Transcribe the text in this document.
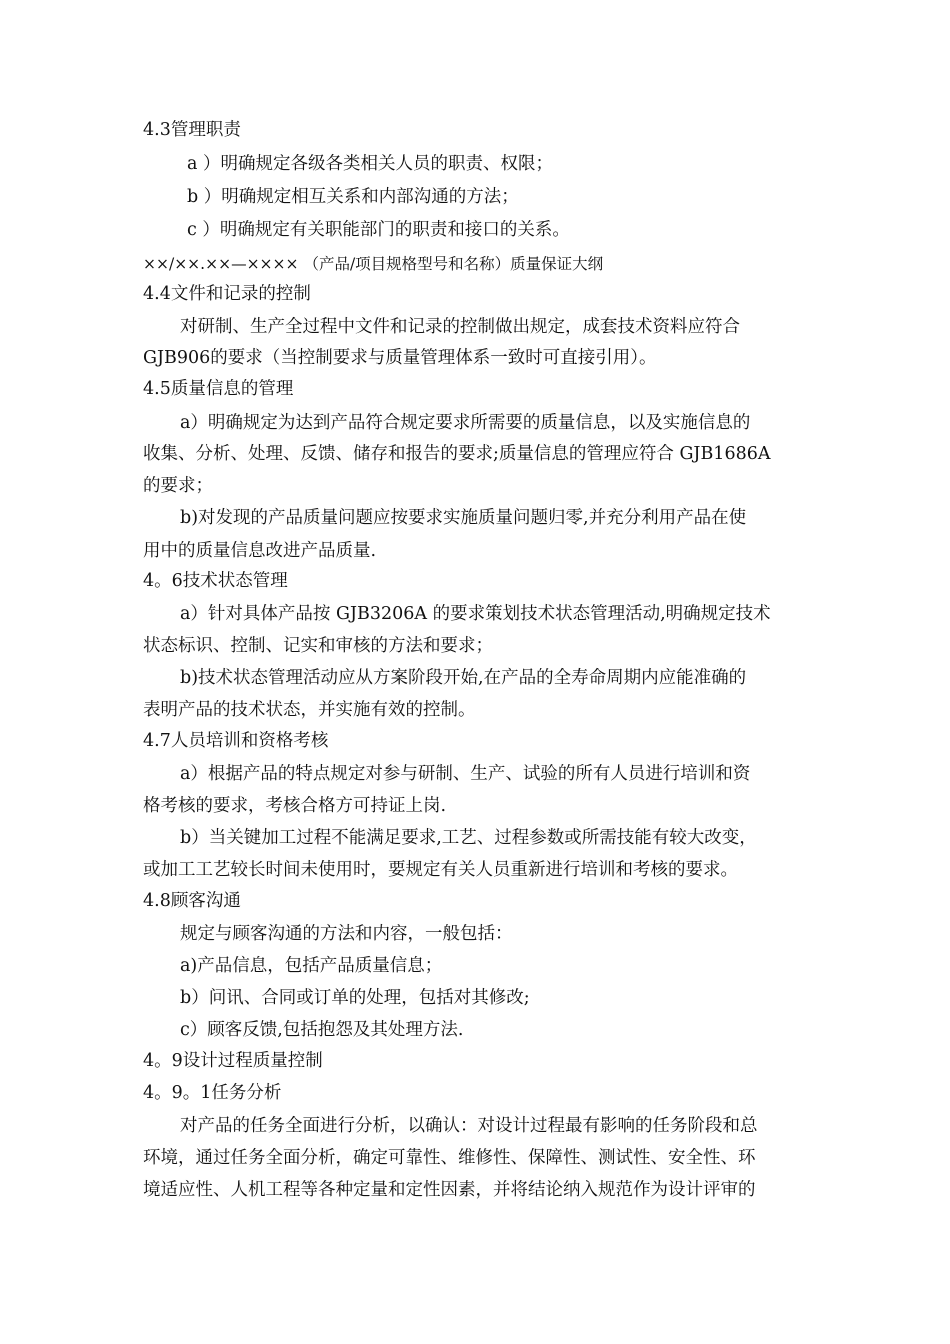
4.3管理职责
a ）明确规定各级各类相关人员的职责、权限；
b ）明确规定相互关系和内部沟通的方法；
c ）明确规定有关职能部门的职责和接口的关系。
××/××.××—×××× （产品/项目规格型号和名称）质量保证大纲
4.4文件和记录的控制
对研制、生产全过程中文件和记录的控制做出规定，成套技术资料应符合
GJB906的要求（当控制要求与质量管理体系一致时可直接引用）。
4.5质量信息的管理
a）明确规定为达到产品符合规定要求所需要的质量信息，以及实施信息的
收集、分析、处理、反馈、储存和报告的要求;质量信息的管理应符合 GJB1686A
的要求；
b)对发现的产品质量问题应按要求实施质量问题归零,并充分利用产品在使
用中的质量信息改进产品质量.
4。6技术状态管理
a）针对具体产品按 GJB3206A 的要求策划技术状态管理活动,明确规定技术
状态标识、控制、记实和审核的方法和要求；
b)技术状态管理活动应从方案阶段开始,在产品的全寿命周期内应能准确的
表明产品的技术状态，并实施有效的控制。
4.7人员培训和资格考核
a）根据产品的特点规定对参与研制、生产、试验的所有人员进行培训和资
格考核的要求，考核合格方可持证上岗.
b）当关键加工过程不能满足要求,工艺、过程参数或所需技能有较大改变，
或加工工艺较长时间未使用时，要规定有关人员重新进行培训和考核的要求。
4.8顾客沟通
规定与顾客沟通的方法和内容，一般包括：
a)产品信息，包括产品质量信息；
b）问讯、合同或订单的处理，包括对其修改;
c）顾客反馈,包括抱怨及其处理方法.
4。9设计过程质量控制
4。9。1任务分析
对产品的任务全面进行分析，以确认：对设计过程最有影响的任务阶段和总
环境，通过任务全面分析，确定可靠性、维修性、保障性、测试性、安全性、环
境适应性、人机工程等各种定量和定性因素，并将结论纳入规范作为设计评审的
